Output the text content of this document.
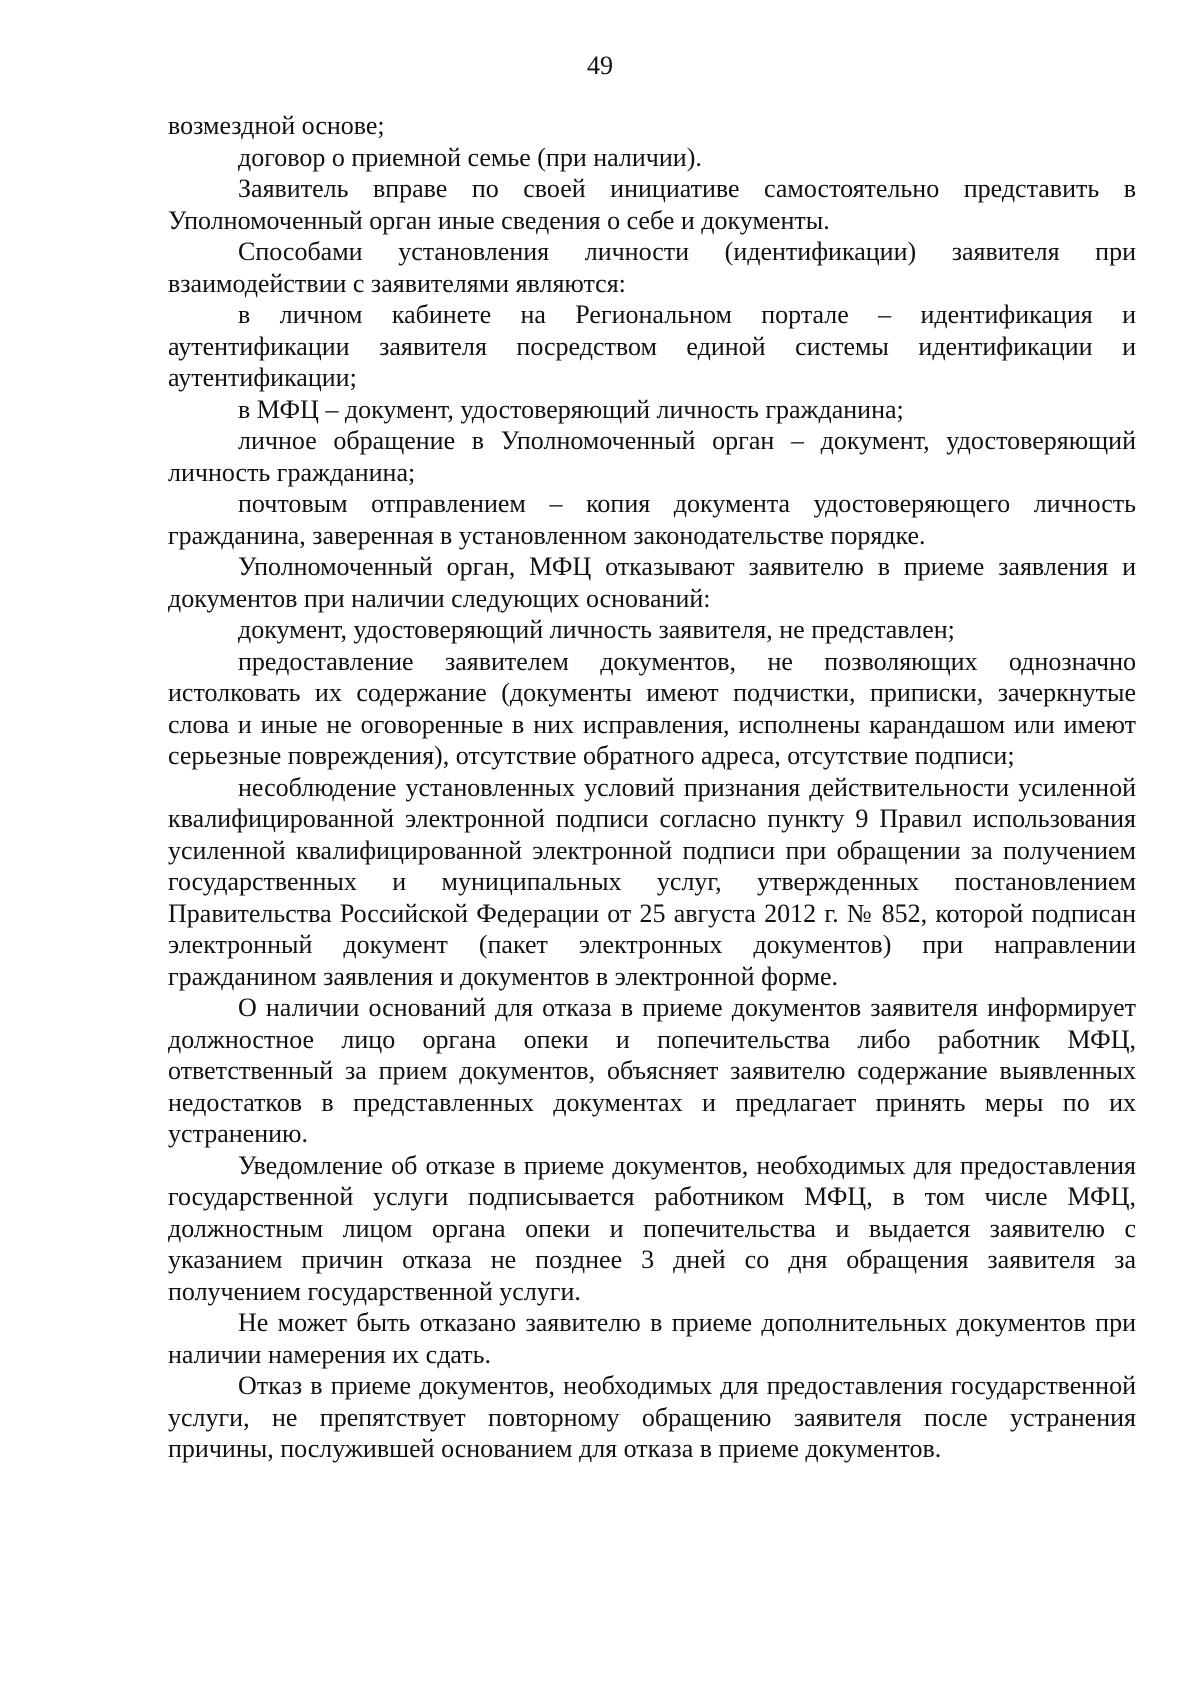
49

возмездной основе;

договор о приемной семье (при наличии).

Заявитель вправе по своей инициативе самостоятельно представить в Уполномоченный орган иные сведения о себе и документы.

Способами установления личности (идентификации) заявителя при взаимодействии с заявителями являются:

в личном кабинете на Региональном портале – идентификация и аутентификации заявителя посредством единой системы идентификации и аутентификации;

в МФЦ – документ, удостоверяющий личность гражданина;

личное обращение в Уполномоченный орган – документ, удостоверяющий личность гражданина;

почтовым отправлением – копия документа удостоверяющего личность гражданина, заверенная в установленном законодательстве порядке.

Уполномоченный орган, МФЦ отказывают заявителю в приеме заявления и документов при наличии следующих оснований:

документ, удостоверяющий личность заявителя, не представлен;

предоставление заявителем документов, не позволяющих однозначно истолковать их содержание (документы имеют подчистки, приписки, зачеркнутые слова и иные не оговоренные в них исправления, исполнены карандашом или имеют серьезные повреждения), отсутствие обратного адреса, отсутствие подписи;

несоблюдение установленных условий признания действительности усиленной квалифицированной электронной подписи согласно пункту 9 Правил использования усиленной квалифицированной электронной подписи при обращении за получением государственных и муниципальных услуг, утвержденных постановлением Правительства Российской Федерации от 25 августа 2012 г. № 852, которой подписан электронный документ (пакет электронных документов) при направлении гражданином заявления и документов в электронной форме.

О наличии оснований для отказа в приеме документов заявителя информирует должностное лицо органа опеки и попечительства либо работник МФЦ, ответственный за прием документов, объясняет заявителю содержание выявленных недостатков в представленных документах и предлагает принять меры по их устранению.

Уведомление об отказе в приеме документов, необходимых для предоставления государственной услуги подписывается работником МФЦ, в том числе МФЦ, должностным лицом органа опеки и попечительства и выдается заявителю с указанием причин отказа не позднее 3 дней со дня обращения заявителя за получением государственной услуги.

Не может быть отказано заявителю в приеме дополнительных документов при наличии намерения их сдать.

Отказ в приеме документов, необходимых для предоставления государственной услуги, не препятствует повторному обращению заявителя после устранения причины, послужившей основанием для отказа в приеме документов.
